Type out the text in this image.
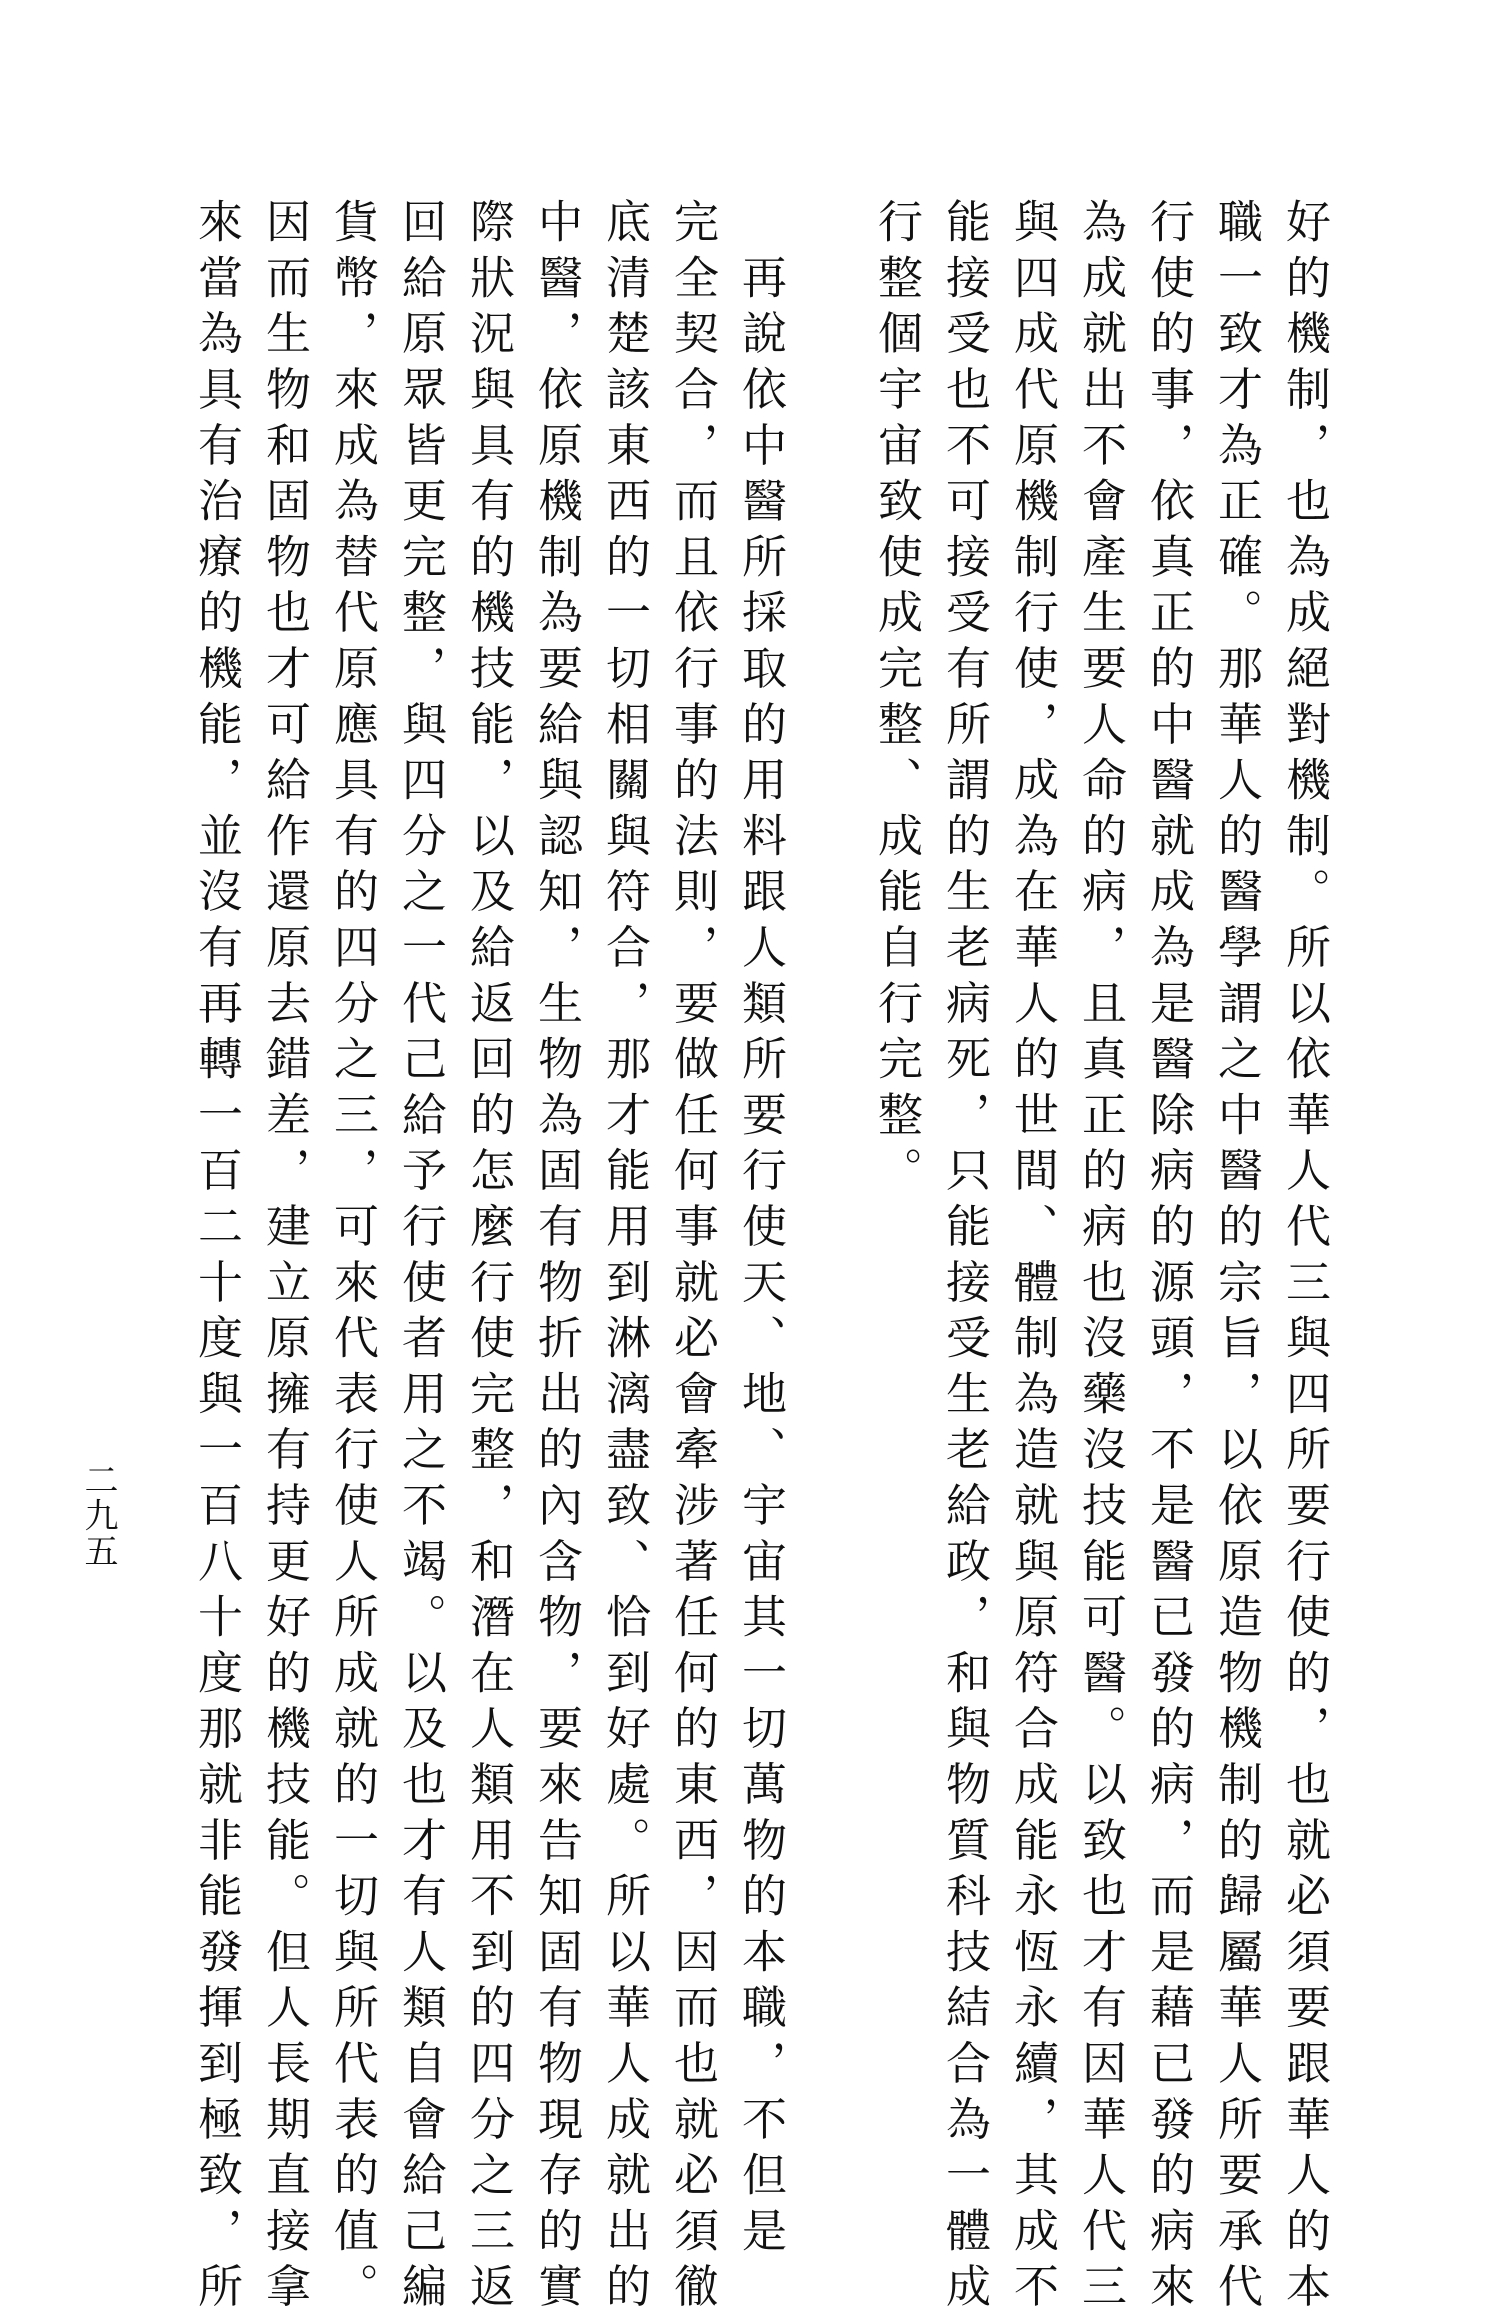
好的機制，也為成絕對機制。所以依華人代三與四所要行使的，也就必須要跟華人的本
職一致才為正確。那華人的醫學謂之中醫的宗旨，以依原造物機制的歸屬華人所要承代
行使的事，依真正的中醫就成為是醫除病的源頭，不是醫已發的病，而是藉已發的病來
為成就出不會產生要人命的病，且真正的病也沒藥沒技能可醫。以致也才有因華人代三
與四成代原機制行使，成為在華人的世間、體制為造就與原符合成能永恆永續，其成不
能接受也不可接受有所謂的生老病死，只能接受生老給政，和與物質科技結合為一體成
行整個宇宙致使成完整、成能自行完整。
　再說依中醫所採取的用料跟人類所要行使天、地、宇宙其一切萬物的本職，不但是
完全契合，而且依行事的法則，要做任何事就必會牽涉著任何的東西，因而也就必須徹
底清楚該東西的一切相關與符合，那才能用到淋漓盡致、恰到好處。所以華人成就出的
中醫，依原機制為要給與認知，生物為固有物折出的內含物，要來告知固有物現存的實
際狀況與具有的機技能，以及給返回的怎麼行使完整，和潛在人類用不到的四分之三返
回給原眾皆更完整，與四分之一代己給予行使者用之不竭。以及也才有人類自會給己編
貨幣，來成為替代原應具有的四分之三，可來代表行使人所成就的一切與所代表的值。
因而生物和固物也才可給作還原去錯差，建立原擁有持更好的機技能。但人長期直接拿
來當為具有治療的機能，並沒有再轉一百二十度與一百八十度那就非能發揮到極致，所
二九五
